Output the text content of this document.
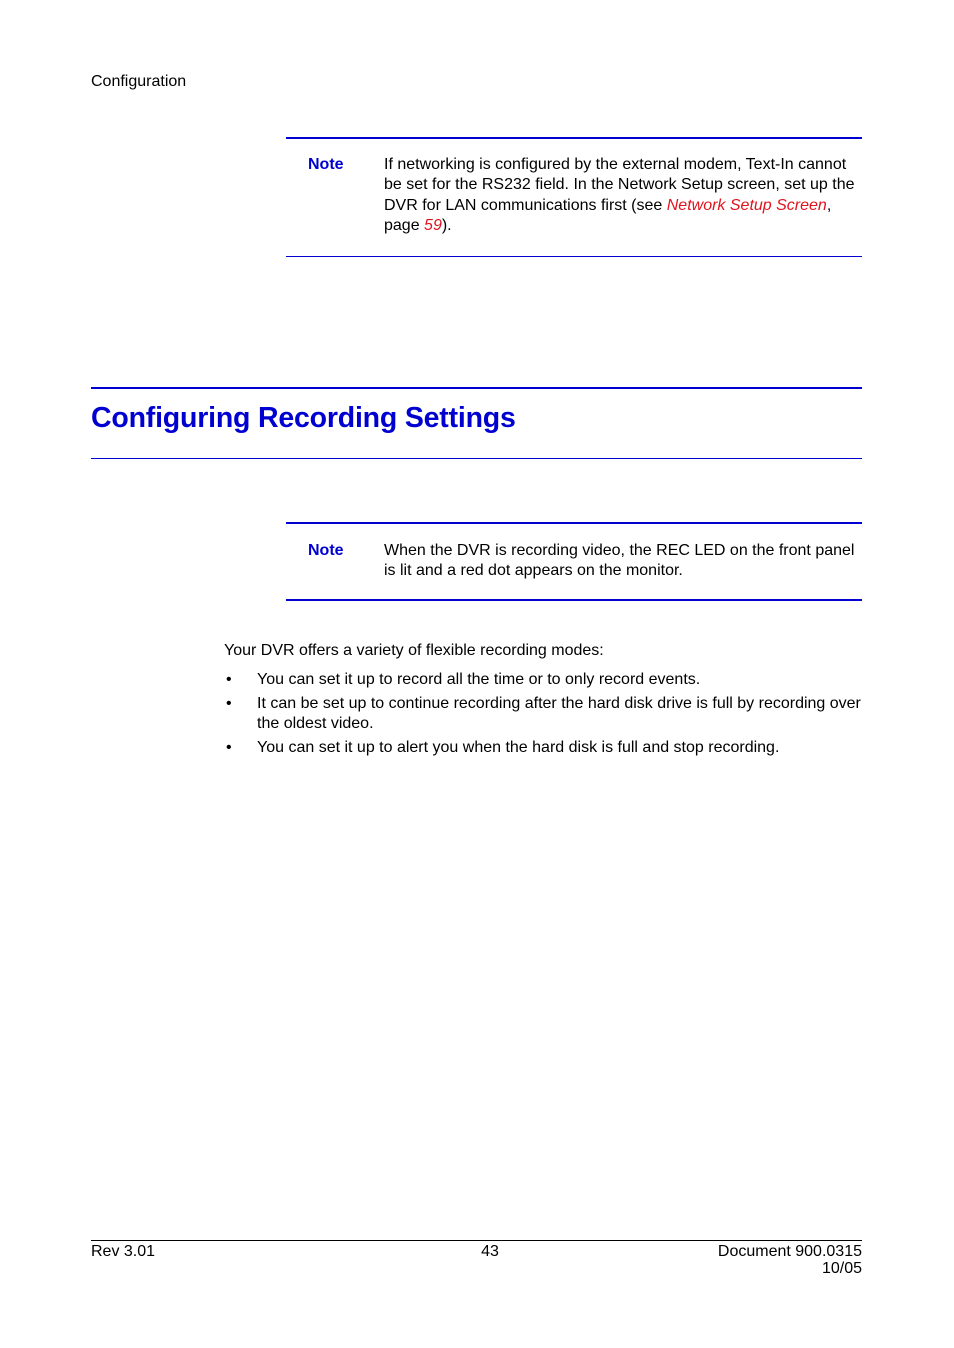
Configuration
Note	If networking is configured by the external modem, Text-In cannot be set for the RS232 field. In the Network Setup screen, set up the DVR for LAN communications first (see Network Setup Screen, page 59).
Configuring Recording Settings
Note	When the DVR is recording video, the REC LED on the front panel is lit and a red dot appears on the monitor.
Your DVR offers a variety of flexible recording modes:
• You can set it up to record all the time or to only record events.
• It can be set up to continue recording after the hard disk drive is full by recording over the oldest video.
• You can set it up to alert you when the hard disk is full and stop recording.
Rev 3.01	43	Document 900.0315
10/05
